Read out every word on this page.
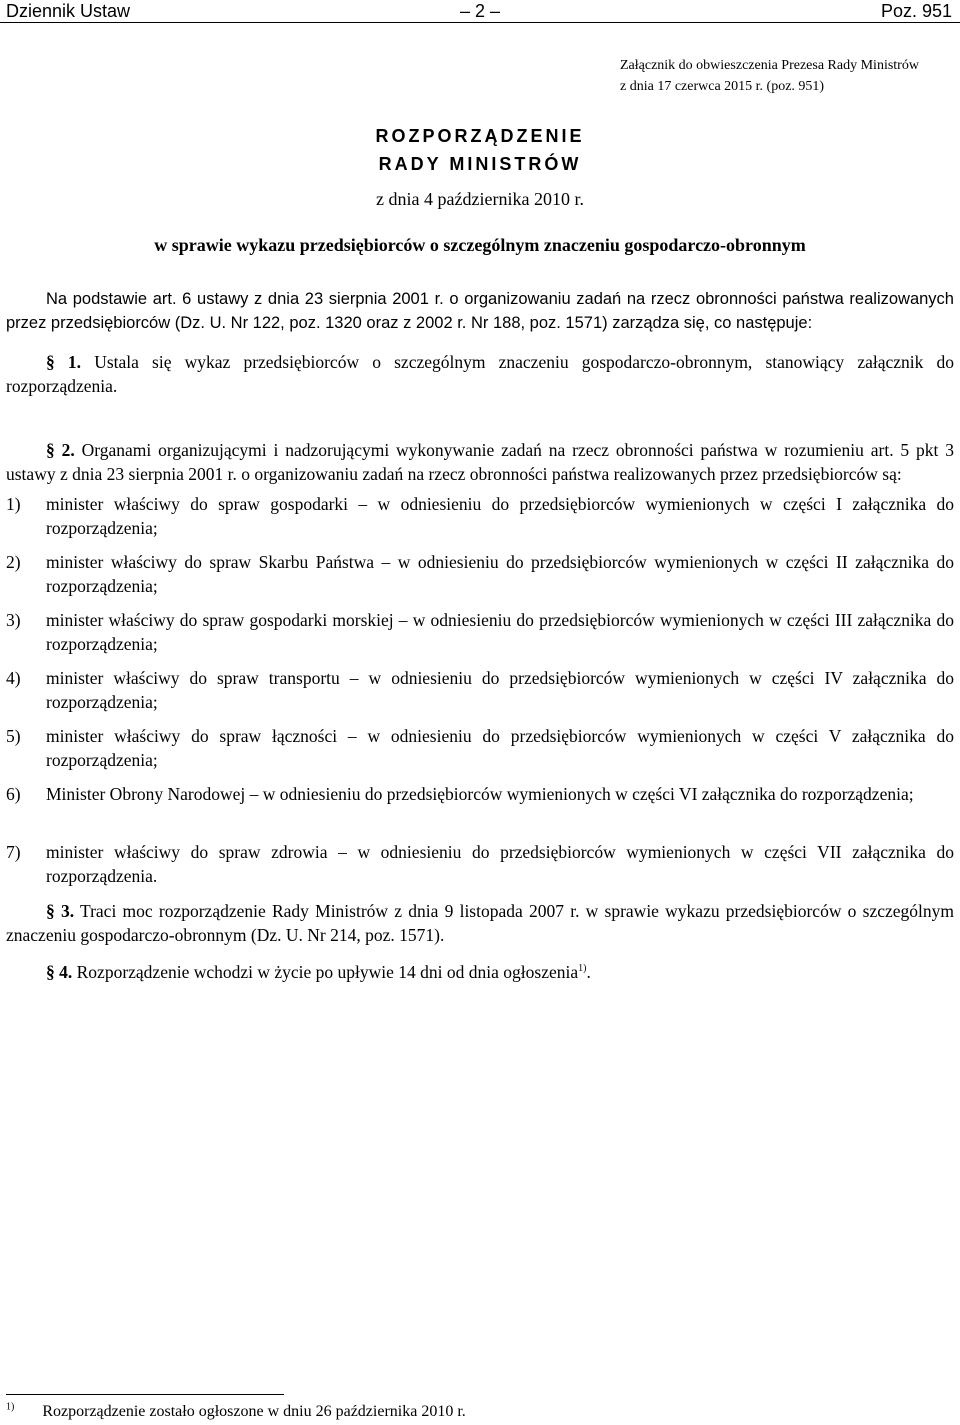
Dziennik Ustaw	– 2 –	Poz. 951
Załącznik do obwieszczenia Prezesa Rady Ministrów
z dnia 17 czerwca 2015 r. (poz. 951)
ROZPORZĄDZENIE
RADY MINISTRÓW
z dnia 4 października 2010 r.
w sprawie wykazu przedsiębiorców o szczególnym znaczeniu gospodarczo-obronnym

Na podstawie art. 6 ustawy z dnia 23 sierpnia 2001 r. o organizowaniu zadań na rzecz obronności państwa realizowanych przez przedsiębiorców (Dz. U. Nr 122, poz. 1320 oraz z 2002 r. Nr 188, poz. 1571) zarządza się, co następuje:

§ 1. Ustala się wykaz przedsiębiorców o szczególnym znaczeniu gospodarczo-obronnym, stanowiący załącznik do rozporządzenia.

§ 2. Organami organizującymi i nadzorującymi wykonywanie zadań na rzecz obronności państwa w rozumieniu art. 5 pkt 3 ustawy z dnia 23 sierpnia 2001 r. o organizowaniu zadań na rzecz obronności państwa realizowanych przez przedsiębiorców są:

1)	minister właściwy do spraw gospodarki – w odniesieniu do przedsiębiorców wymienionych w części I załącznika do rozporządzenia;
2)	minister właściwy do spraw Skarbu Państwa – w odniesieniu do przedsiębiorców wymienionych w części II załącznika do rozporządzenia;
3)	minister właściwy do spraw gospodarki morskiej – w odniesieniu do przedsiębiorców wymienionych w części III załącznika do rozporządzenia;
4)	minister właściwy do spraw transportu – w odniesieniu do przedsiębiorców wymienionych w części IV załącznika do rozporządzenia;
5)	minister właściwy do spraw łączności – w odniesieniu do przedsiębiorców wymienionych w części V załącznika do rozporządzenia;
6)	Minister Obrony Narodowej – w odniesieniu do przedsiębiorców wymienionych w części VI załącznika do rozporządzenia;
7)	minister właściwy do spraw zdrowia – w odniesieniu do przedsiębiorców wymienionych w części VII załącznika do rozporządzenia.

§ 3. Traci moc rozporządzenie Rady Ministrów z dnia 9 listopada 2007 r. w sprawie wykazu przedsiębiorców o szczególnym znaczeniu gospodarczo-obronnym (Dz. U. Nr 214, poz. 1571).

§ 4. Rozporządzenie wchodzi w życie po upływie 14 dni od dnia ogłoszenia$^{1)}$.

$^{1)}$ Rozporządzenie zostało ogłoszone w dniu 26 października 2010 r.
